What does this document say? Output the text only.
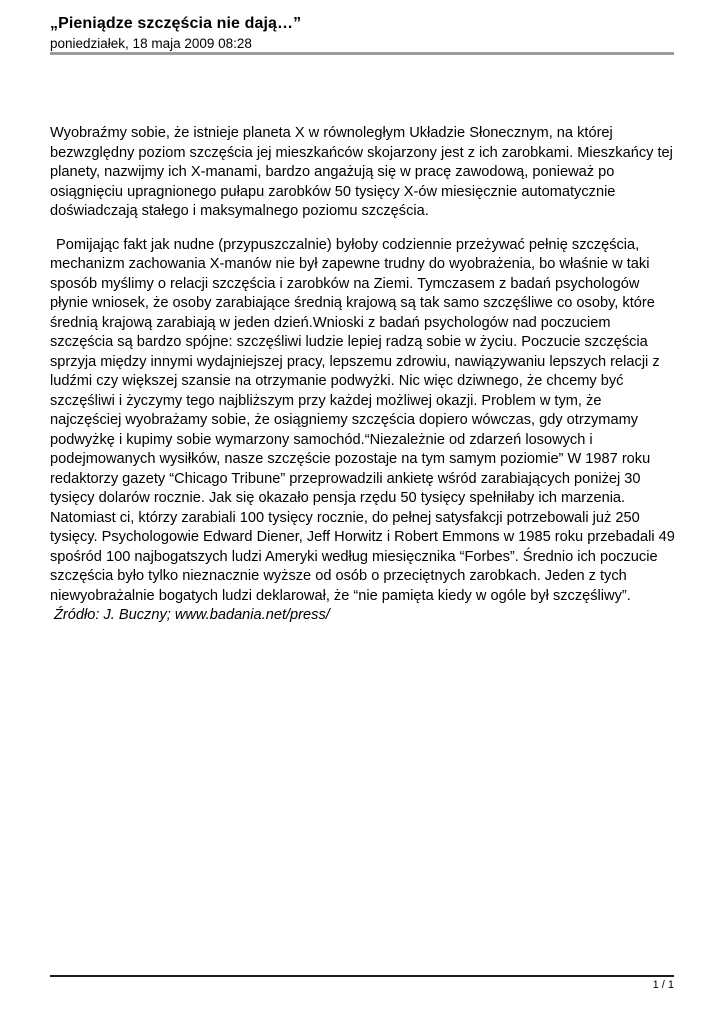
„Pieniądze szczęścia nie dają…”
poniedziałek, 18 maja 2009 08:28

Wyobraźmy sobie, że istnieje planeta X w równoległym Układzie Słonecznym, na której bezwzględny poziom szczęścia jej mieszkańców skojarzony jest z ich zarobkami. Mieszkańcy tej planety, nazwijmy ich X-manami, bardzo angażują się w pracę zawodową, ponieważ po osiągnięciu upragnionego pułapu zarobków 50 tysięcy X-ów miesięcznie automatycznie doświadczają stałego i maksymalnego poziomu szczęścia.

Pomijając fakt jak nudne (przypuszczalnie) byłoby codziennie przeżywać pełnię szczęścia, mechanizm zachowania X-manów nie był zapewne trudny do wyobrażenia, bo właśnie w taki sposób myślimy o relacji szczęścia i zarobków na Ziemi. Tymczasem z badań psychologów płynie wniosek, że osoby zarabiające średnią krajową są tak samo szczęśliwe co osoby, które średnią krajową zarabiają w jeden dzień.Wnioski z badań psychologów nad poczuciem szczęścia są bardzo spójne: szczęśliwi ludzie lepiej radzą sobie w życiu. Poczucie szczęścia sprzyja między innymi wydajniejszej pracy, lepszemu zdrowiu, nawiązywaniu lepszych relacji z ludźmi czy większej szansie na otrzymanie podwyżki. Nic więc dziwnego, że chcemy być szczęśliwi i życzymy tego najbliższym przy każdej możliwej okazji. Problem w tym, że najczęściej wyobrażamy sobie, że osiągniemy szczęścia dopiero wówczas, gdy otrzymamy podwyżkę i kupimy sobie wymarzony samochód.“Niezależnie od zdarzeń losowych i podejmowanych wysiłków, nasze szczęście pozostaje na tym samym poziomie” W 1987 roku redaktorzy gazety “Chicago Tribune” przeprowadzili ankietę wśród zarabiających poniżej 30 tysięcy dolarów rocznie. Jak się okazało pensja rzędu 50 tysięcy spełniłaby ich marzenia. Natomiast ci, którzy zarabiali 100 tysięcy rocznie, do pełnej satysfakcji potrzebowali już 250 tysięcy. Psychologowie Edward Diener, Jeff Horwitz i Robert Emmons w 1985 roku przebadali 49 spośród 100 najbogatszych ludzi Ameryki według miesięcznika “Forbes”. Średnio ich poczucie szczęścia było tylko nieznacznie wyższe od osób o przeciętnych zarobkach. Jeden z tych niewyobrażalnie bogatych ludzi deklarował, że “nie pamięta kiedy w ogóle był szczęśliwy”.

Źródło: J. Buczny; www.badania.net/press/

1 / 1
